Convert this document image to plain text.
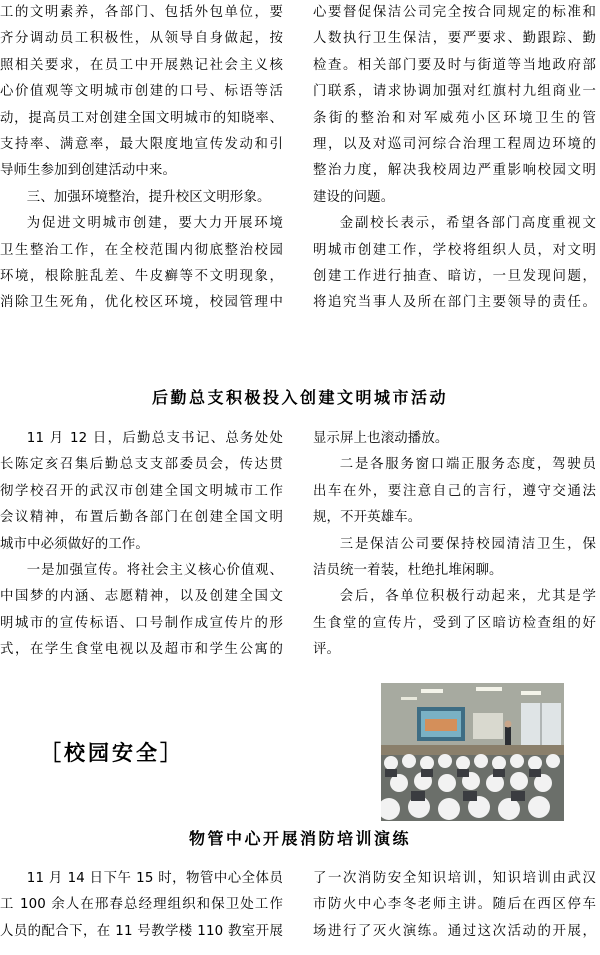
工的文明素养，各部门、包括外包单位，要

齐分调动员工积极性，从领导自身做起，按

照相关要求，在员工中开展熟记社会主义核

心价值观等文明城市创建的口号、标语等活

动，提高员工对创建全国文明城市的知晓率、

支持率、满意率，最大限度地宣传发动和引

导师生参加到创建活动中来。

三、加强环境整治，提升校区文明形象。

为促进文明城市创建，要大力开展环境

卫生整治工作，在全校范围内彻底整治校园

环境，根除脏乱差、牛皮癣等不文明现象，

消除卫生死角，优化校区环境，校园管理中

心要督促保洁公司完全按合同规定的标准和

人数执行卫生保洁，要严要求、勤跟踪、勤

检查。相关部门要及时与街道等当地政府部

门联系，请求协调加强对红旗村九组商业一

条街的整治和对军威苑小区环境卫生的管

理，以及对巡司河综合治理工程周边环境的

整治力度，解决我校周边严重影响校园文明

建设的问题。

金副校长表示，希望各部门高度重视文

明城市创建工作，学校将组织人员，对文明

创建工作进行抽查、暗访，一旦发现问题，

将追究当事人及所在部门主要领导的责任。

后勤总支积极投入创建文明城市活动

11 月 12 日，后勤总支书记、总务处处

长陈定亥召集后勤总支支部委员会，传达贯

彻学校召开的武汉市创建全国文明城市工作

会议精神，布置后勤各部门在创建全国文明

城市中必须做好的工作。

一是加强宣传。将社会主义核心价值观、

中国梦的内涵、志愿精神，以及创建全国文

明城市的宣传标语、口号制作成宣传片的形

式，在学生食堂电视以及超市和学生公寓的

显示屏上也滚动播放。

二是各服务窗口端正服务态度，驾驶员

出车在外，要注意自己的言行，遵守交通法

规，不开英雄车。

三是保洁公司要保持校园清洁卫生，保

洁员统一着装，杜绝扎堆闲聊。

会后，各单位积极行动起来，尤其是学

生食堂的宣传片，受到了区暗访检查组的好

评。

［校园安全］
物管中心开展消防培训演练

11 月 14 日下午 15 时，物管中心全体员

工 100 余人在邢春总经理组织和保卫处工作

人员的配合下，在 11 号教学楼 110 教室开展

了一次消防安全知识培训，知识培训由武汉

市防火中心李冬老师主讲。随后在西区停车

场进行了灭火演练。通过这次活动的开展，
